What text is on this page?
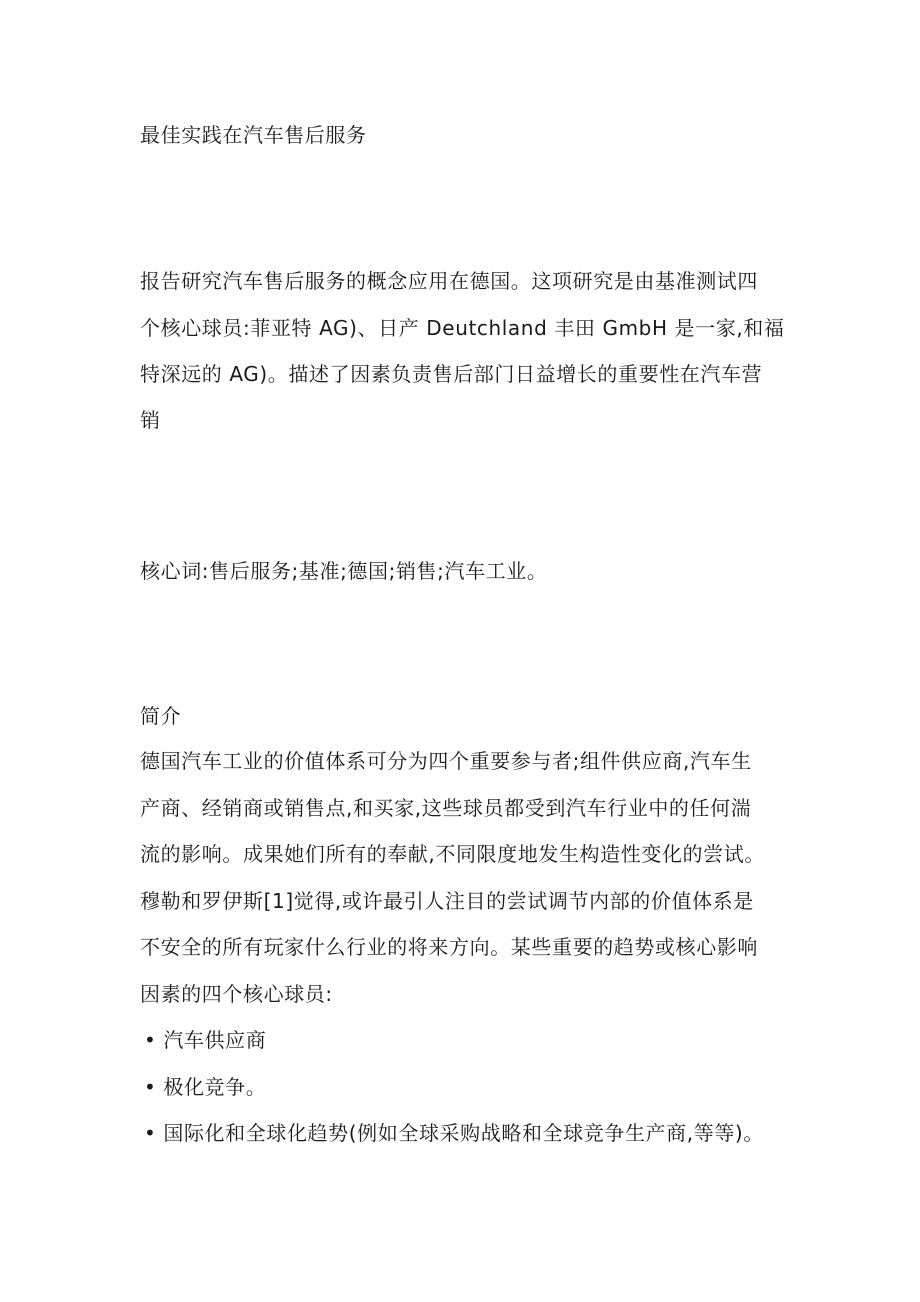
最佳实践在汽车售后服务
报告研究汽车售后服务的概念应用在德国。这项研究是由基准测试四
个核心球员:菲亚特 AG)、日产 Deutchland 丰田 GmbH 是一家,和福
特深远的 AG)。描述了因素负责售后部门日益增长的重要性在汽车营
销
核心词:售后服务;基准;德国;销售;汽车工业。
简介
德国汽车工业的价值体系可分为四个重要参与者;组件供应商,汽车生
产商、经销商或销售点,和买家,这些球员都受到汽车行业中的任何湍
流的影响。成果她们所有的奉献,不同限度地发生构造性变化的尝试。
穆勒和罗伊斯[1]觉得,或许最引人注目的尝试调节内部的价值体系是
不安全的所有玩家什么行业的将来方向。某些重要的趋势或核心影响
因素的四个核心球员:
• 汽车供应商
• 极化竞争。
• 国际化和全球化趋势(例如全球采购战略和全球竞争生产商,等等)。
